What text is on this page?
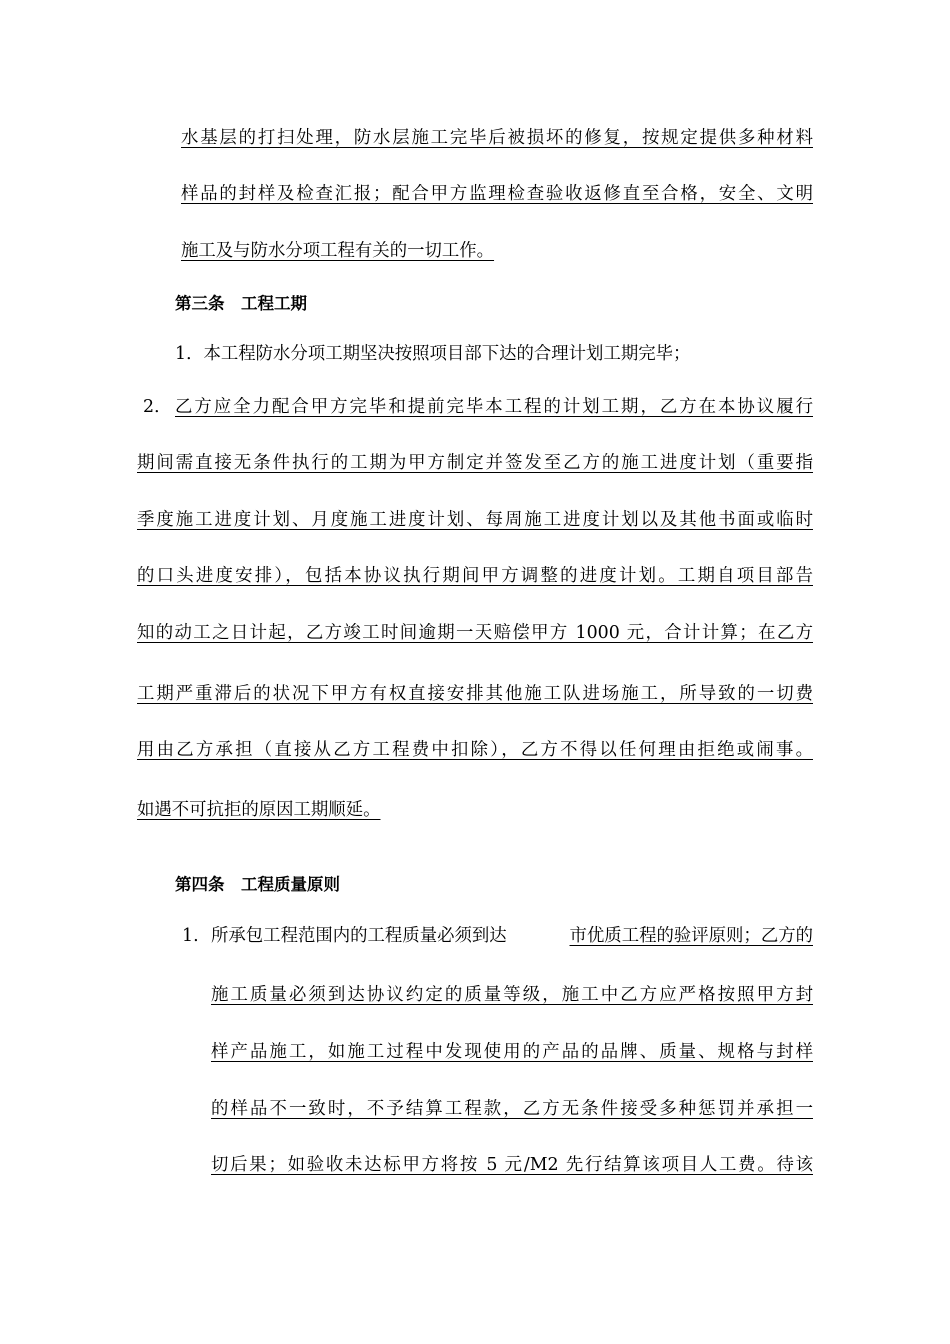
水基层的打扫处理，防水层施工完毕后被损坏的修复，按规定提供多种材料
样品的封样及检查汇报；配合甲方监理检查验收返修直至合格，安全、文明
施工及与防水分项工程有关的一切工作。
第三条　工程工期
1．本工程防水分项工期坚决按照项目部下达的合理计划工期完毕；
2． 乙方应全力配合甲方完毕和提前完毕本工程的计划工期，乙方在本协议履行
期间需直接无条件执行的工期为甲方制定并签发至乙方的施工进度计划（重要指
季度施工进度计划、月度施工进度计划、每周施工进度计划以及其他书面或临时
的口头进度安排），包括本协议执行期间甲方调整的进度计划。工期自项目部告
知的动工之日计起，乙方竣工时间逾期一天赔偿甲方 1000 元，合计计算；在乙方
工期严重滞后的状况下甲方有权直接安排其他施工队进场施工，所导致的一切费
用由乙方承担（直接从乙方工程费中扣除），乙方不得以任何理由拒绝或闹事。
如遇不可抗拒的原因工期顺延。
第四条　工程质量原则
1. 所承包工程范围内的工程质量必须到达	市优质工程的验评原则；乙方的
施工质量必须到达协议约定的质量等级，施工中乙方应严格按照甲方封
样产品施工，如施工过程中发现使用的产品的品牌、质量、规格与封样
的样品不一致时，不予结算工程款，乙方无条件接受多种惩罚并承担一
切后果；如验收未达标甲方将按 5 元/M2 先行结算该项目人工费。待该
